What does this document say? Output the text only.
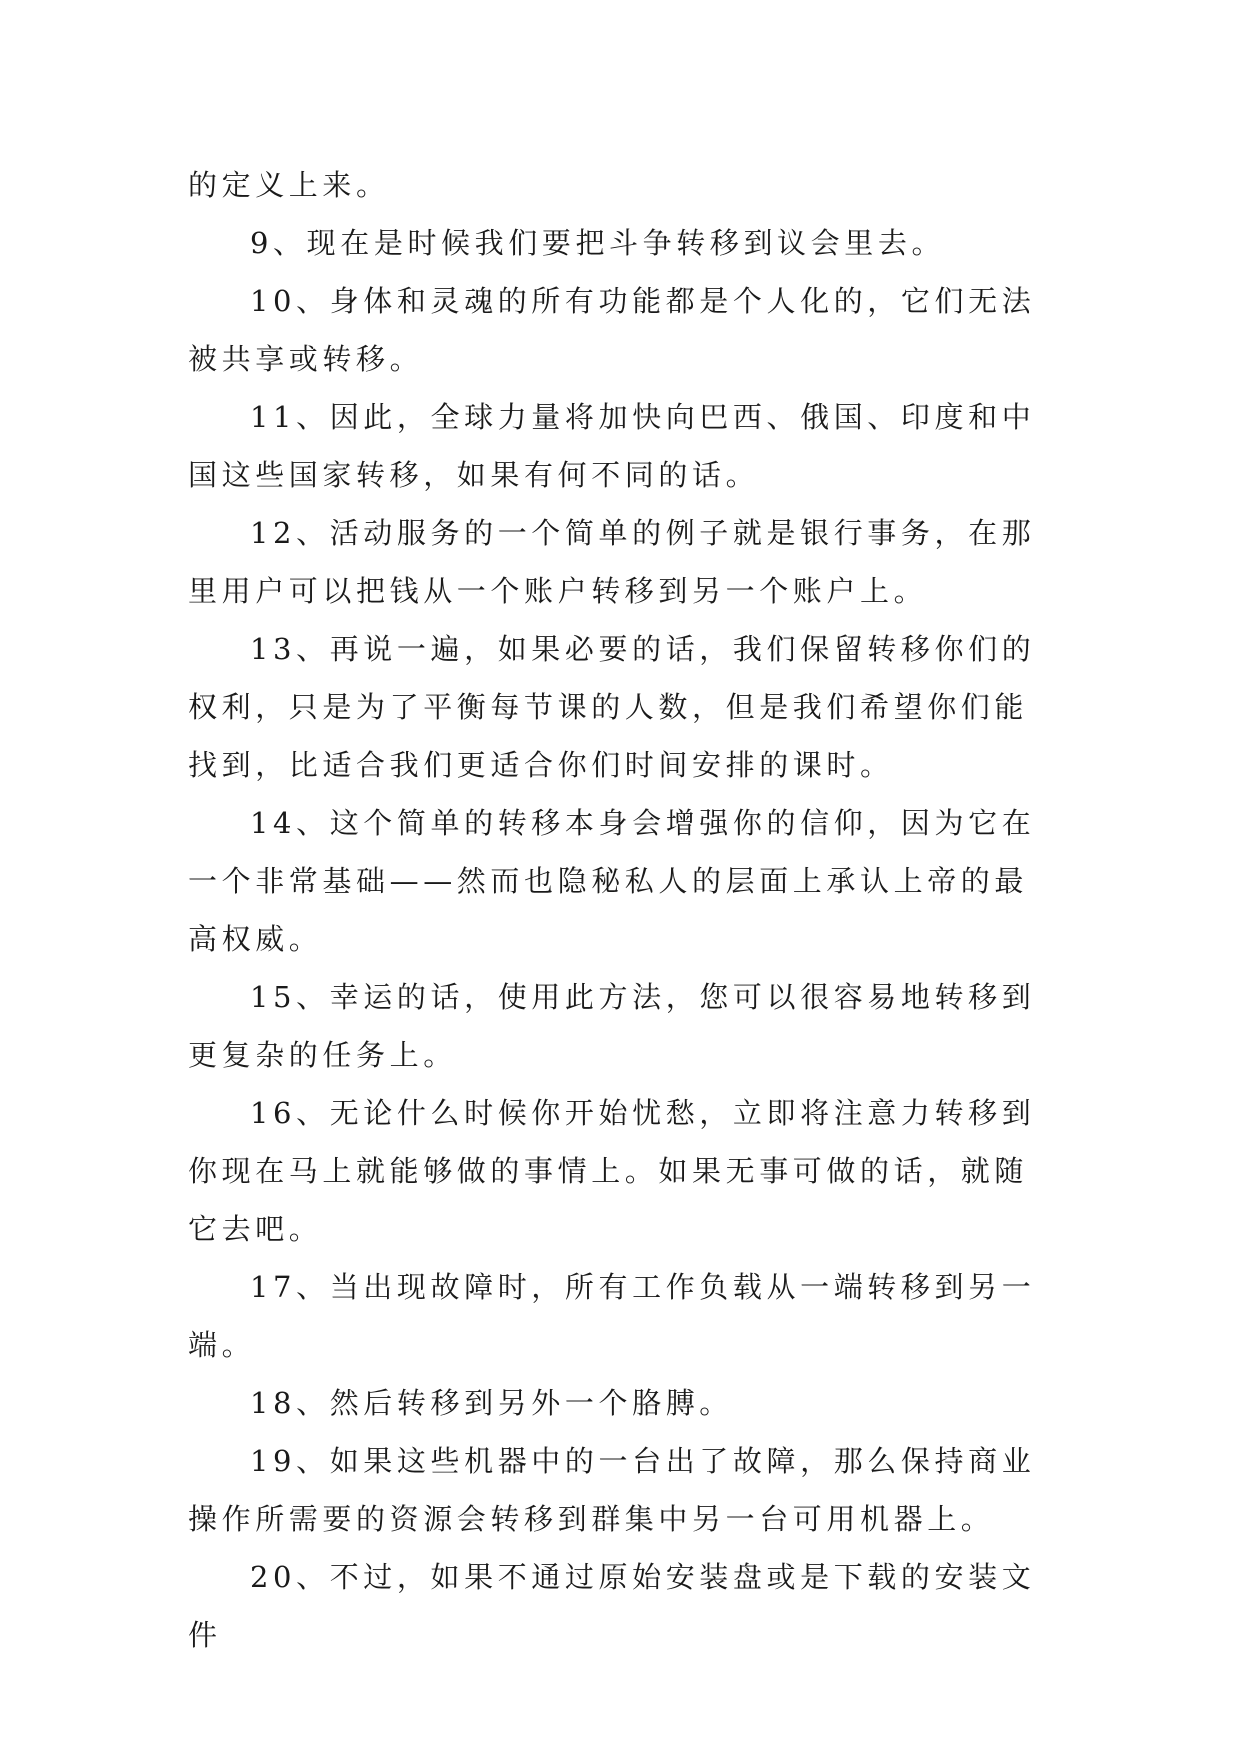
的定义上来。

9、现在是时候我们要把斗争转移到议会里去。

10、身体和灵魂的所有功能都是个人化的，它们无法被共享或转移。

11、因此，全球力量将加快向巴西、俄国、印度和中国这些国家转移，如果有何不同的话。

12、活动服务的一个简单的例子就是银行事务，在那里用户可以把钱从一个账户转移到另一个账户上。

13、再说一遍，如果必要的话，我们保留转移你们的权利，只是为了平衡每节课的人数，但是我们希望你们能找到，比适合我们更适合你们时间安排的课时。

14、这个简单的转移本身会增强你的信仰，因为它在一个非常基础——然而也隐秘私人的层面上承认上帝的最高权威。

15、幸运的话，使用此方法，您可以很容易地转移到更复杂的任务上。

16、无论什么时候你开始忧愁，立即将注意力转移到你现在马上就能够做的事情上。如果无事可做的话，就随它去吧。

17、当出现故障时，所有工作负载从一端转移到另一端。

18、然后转移到另外一个胳膊。

19、如果这些机器中的一台出了故障，那么保持商业操作所需要的资源会转移到群集中另一台可用机器上。

20、不过，如果不通过原始安装盘或是下载的安装文件
